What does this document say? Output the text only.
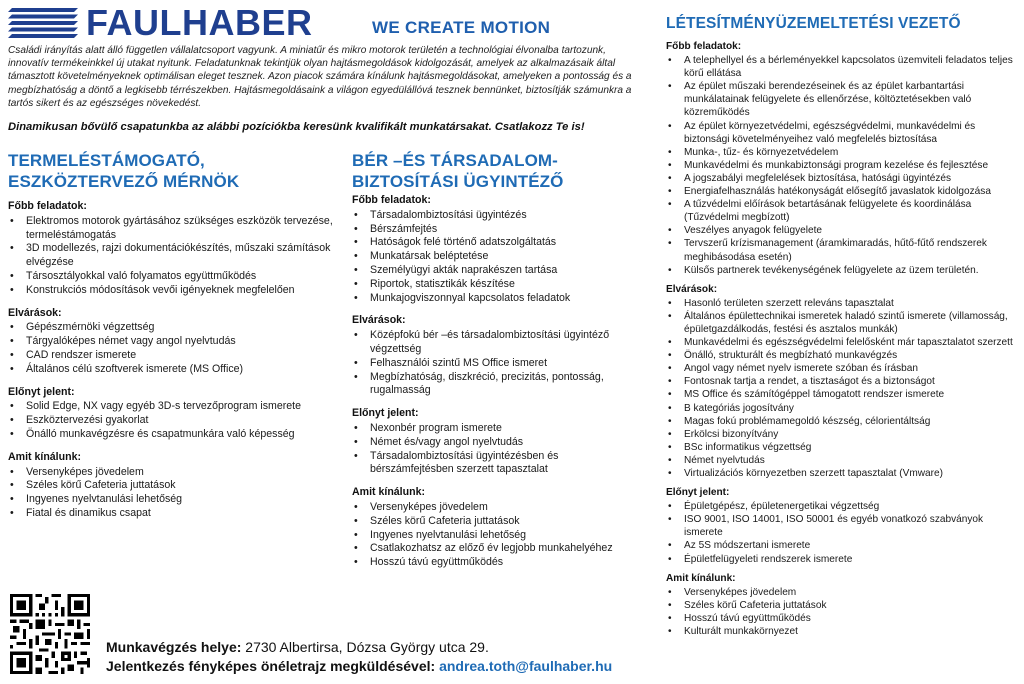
FAULHABER	WE CREATE MOTION
Családi irányítás alatt álló független vállalatcsoport vagyunk. A miniatűr és mikro motorok területén a technológiai élvonalba tartozunk, innovatív termékeinkkel új utakat nyitunk. Feladatunknak tekintjük olyan hajtásmegoldások kidolgozását, amelyek az alkalmazásaik által támasztott követelményeknek optimálisan eleget tesznek. Azon piacok számára kínálunk hajtásmegoldásokat, amelyeken a pontosság és a megbízhatóság a döntő a legkisebb térrészekben. Hajtásmegoldásaink a világon egyedülállóvá tesznek bennünket, biztosítják számunkra a tartós sikert és az egészséges növekedést.
Dinamikusan bővülő csapatunkba az alábbi pozíciókba keresünk kvalifikált munkatársakat. Csatlakozz Te is!
TERMELÉSTÁMOGATÓ,
ESZKÖZTERVEZŐ MÉRNÖK
Főbb feladatok:
• Elektromos motorok gyártásához szükséges eszközök tervezése, termeléstámogatás
• 3D modellezés, rajzi dokumentációkészítés, műszaki számítások elvégzése
• Társosztályokkal való folyamatos együttműködés
• Konstrukciós módosítások vevői igényeknek megfelelően
Elvárások:
• Gépészmérnöki végzettség
• Tárgyalóképes német vagy angol nyelvtudás
• CAD rendszer ismerete
• Általános célú szoftverek ismerete (MS Office)
Előnyt jelent:
• Solid Edge, NX vagy egyéb 3D-s tervezőprogram ismerete
• Eszköztervezési gyakorlat
• Önálló munkavégzésre és csapatmunkára való képesség
Amit kínálunk:
• Versenyképes jövedelem
• Széles körű Cafeteria juttatások
• Ingyenes nyelvtanulási lehetőség
• Fiatal és dinamikus csapat
BÉR –ÉS TÁRSADALOM-
BIZTOSÍTÁSI ÜGYINTÉZŐ
Főbb feladatok:
• Társadalombiztosítási ügyintézés
• Bérszámfejtés
• Hatóságok felé történő adatszolgáltatás
• Munkatársak beléptetése
• Személyügyi akták naprakészen tartása
• Riportok, statisztikák készítése
• Munkajogviszonnyal kapcsolatos feladatok
Elvárások:
• Középfokú bér –és társadalombiztosítási ügyintéző végzettség
• Felhasználói szintű MS Office ismeret
• Megbízhatóság, diszkréció, precizitás, pontosság, rugalmasság
Előnyt jelent:
• Nexonbér program ismerete
• Német és/vagy angol nyelvtudás
• Társadalombiztosítási ügyintézésben és bérszámfejtésben szerzett tapasztalat
Amit kínálunk:
• Versenyképes jövedelem
• Széles körű Cafeteria juttatások
• Ingyenes nyelvtanulási lehetőség
• Csatlakozhatsz az előző év legjobb munkahelyéhez
• Hosszú távú együttműködés
LÉTESÍTMÉNYÜZEMELTETÉSI VEZETŐ
Főbb feladatok:
• A telephellyel és a bérleményekkel kapcsolatos üzemviteli feladatos teljes körű ellátása
• Az épület műszaki berendezéseinek és az épület karbantartási munkálatainak felügyelete és ellenőrzése, költöztetésekben való közreműködés
• Az épület környezetvédelmi, egészségvédelmi, munkavédelmi és biztonsági követelményeihez való megfelelés biztosítása
• Munka-, tűz- és környezetvédelem
• Munkavédelmi és munkabiztonsági program kezelése és fejlesztése
• A jogszabályi megfelelések biztosítása, hatósági ügyintézés
• Energiafelhasználás hatékonyságát elősegítő javaslatok kidolgozása
• A tűzvédelmi előírások betartásának felügyelete és koordinálása (Tűzvédelmi megbízott)
• Veszélyes anyagok felügyelete
• Tervszerű krízismanagement (áramkimaradás, hűtő-fűtő rendszerek meghibásodása esetén)
• Külsős partnerek tevékenységének felügyelete az üzem területén.
Elvárások:
• Hasonló területen szerzett releváns tapasztalat
• Általános épülettechnikai ismeretek haladó szintű ismerete (villamosság, épületgazdálkodás, festési és asztalos munkák)
• Munkavédelmi és egészségvédelmi felelősként már tapasztalatot szerzett
• Önálló, strukturált és megbízható munkavégzés
• Angol vagy német nyelv ismerete szóban és írásban
• Fontosnak tartja a rendet, a tisztaságot és a biztonságot
• MS Office és számítógéppel támogatott rendszer ismerete
• B kategóriás jogosítvány
• Magas fokú problémamegoldó készség, célorientáltság
• Erkölcsi bizonyítvány
• BSc informatikus végzettség
• Német nyelvtudás
• Virtualizációs környezetben szerzett tapasztalat (Vmware)
Előnyt jelent:
• Épületgépész, épületenergetikai végzettség
• ISO 9001, ISO 14001, ISO 50001 és egyéb vonatkozó szabványok ismerete
• Az 5S módszertani ismerete
• Épületfelügyeleti rendszerek ismerete
Amit kínálunk:
• Versenyképes jövedelem
• Széles körű Cafeteria juttatások
• Hosszú távú együttműködés
• Kulturált munkakörnyezet
Munkavégzés helye: 2730 Albertirsa, Dózsa György utca 29.
Jelentkezés fényképes önéletrajz megküldésével: andrea.toth@faulhaber.hu
